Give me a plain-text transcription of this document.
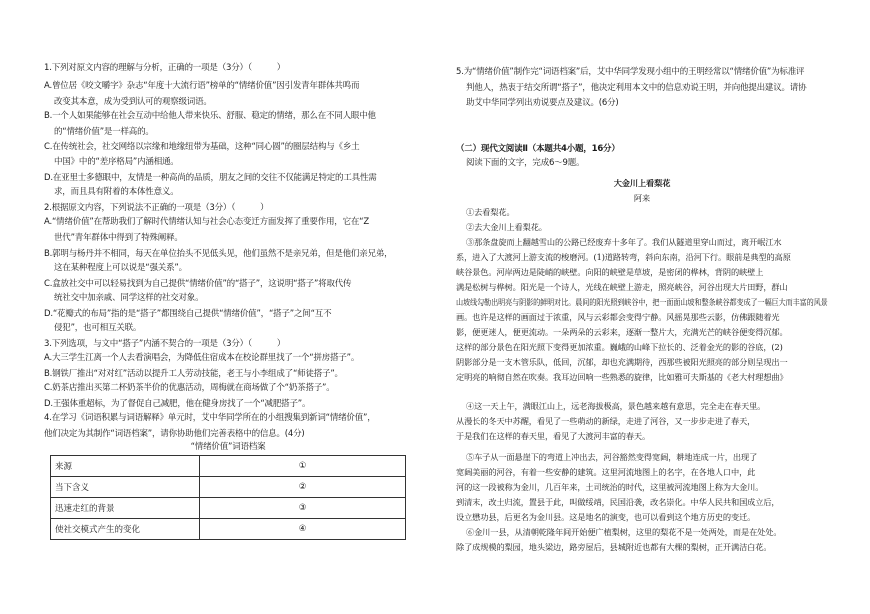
1.下列对原文内容的理解与分析，正确的一项是（3分）（　　　）
A.曾位居《咬文嚼字》杂志“年度十大流行语”榜单的“情绪价值”因引发青年群体共鸣而
改变其本意，成为受到认可的观察级词语。
B.一个人如果能够在社会互动中给他人带来快乐、舒服、稳定的情绪，那么在不同人眼中他
的“情绪价值”是一样高的。
C.在传统社会，社交网络以宗缘和地缘纽带为基础，这种“同心圆”的圈层结构与《乡土
中国》中的“差序格局”内涵相通。
D.在亚里士多德眼中，友情是一种高尚的品质，朋友之间的交往不仅能满足特定的工具性需
求，而且具有附着的本体性意义。
2.根据原文内容，下列说法不正确的一项是（3分）（　　　）
A.“情绪价值”在帮助我们了解时代情绪认知与社会心态变迁方面发挥了重要作用，它在“Z
世代”青年群体中得到了特殊阐释。
B.郭明与杨丹并不相同，每天在单位抬头不见低头见，他们虽然不是亲兄弟，但是他们亲兄弟，
这在某种程度上可以说是“强关系”。
C.盒放社交中可以轻易找到为自己提供“情绪价值”的“搭子”，这说明“搭子”将取代传
统社交中加亲戚、同学这样的社交对象。
D.“花瓣式的布局”指的是“搭子”都围绕自己提供“情绪价值”，“搭子”之间“互不
侵犯”，也可相互关联。
3.下列选项，与文中“搭子”内涵不契合的一项是（3分）（　　　）
A.大三学生江离一个人去看演唱会，为降低住宿成本在校论群里找了一个“拼房搭子”。
B.钢铁厂推出“对对红”活动以提升工人劳动技能，老王与小李组成了“师徒搭子”。
C.奶茶店推出买第二杯奶茶半价的优惠活动，周梅就在商场做了个“奶茶搭子”。
D.王强体重超标，为了督促自己减肥，他在健身房找了一个“减肥搭子”。
4.在学习《词语积累与词语解释》单元时，艾中华同学所在的小组搜集到新词“情绪价值”，
他们决定为其制作“词语档案”，请你协助他们完善表格中的信息。(4分)
“情绪价值”词语档案
来源	①
当下含义	②
迅速走红的背景	③
使社交模式产生的变化	④
5.为“情绪价值”制作完“词语档案”后，艾中华同学发现小组中的王明经常以“情绪价值”为标准评
判他人，热衷于结交所谓“搭子”，他决定利用本文中的信息劝说王明，并向他提出建议。请协
助艾中华同学列出劝说要点及建议。(6分)
（二）现代文阅读Ⅱ（本题共4小题，16分）
阅读下面的文字，完成6～9题。
大金川上看梨花
阿来
①去看梨花。
②去大金川上看梨花。
③那条盘旋而上翻越雪山的公路已经废弃十多年了。我们从隧道里穿山而过，离开岷江水
系，进入了大渡河上游支流的梭磨河。(1)道路转弯，斜向东南，沿河下行。眼前是典型的高原
峡谷景色。河岸两边是陡峭的峡壁。向阳的峡壁是草坡，是密闭的桦林，背阴的峡壁上
满是松树与桦树。阳光是一个诗人，光线在峡壁上游走，照亮峡谷，河谷出现大片田野，群山
山坡线勾勒出明亮与阴影的鲜明对比。晨间的阳光照到峡谷中，把一面面山坡和整条峡谷都变成了一幅巨大而丰富的风景
画。也许是这样的画面过于浓重，风与云彩都会变得宁静。风摇晃那些云影，仿佛跟随着光
影，便更迷人，便更流动。一朵两朵的云彩来，逐渐一整片大，充满光芒的峡谷便变得沉郁。
这样的部分景色在阳光照下变得更加浓重。巍峨的山峰下拉长的、泛着金光的影的谷底，(2)
阴影部分是一支木管乐队，低回，沉郁，却也充满期待，西那些被阳光照亮的部分则呈现出一
定明亮的响彻自然在吹奏。我耳边回响一些熟悉的旋律，比如雅可夫斯基的《老大村理想曲》
④这一天上午，满眼江山上，远老海拔极高，景色越来越有意思，完全走在春天里。
从漫长的冬天中苏醒，看见了一些萌动的新绿，走进了河谷，又一步步走进了春天，
于是我们在这样的春天里，看见了大渡河丰富的春天。
⑤车子从一面悬崖下的弯道上冲出去，河谷豁然变得宽阔，耕地连成一片，出现了
宽阔美丽的河谷，有着一些安静的建筑。这里河流地图上的名字，在各地人口中，此
河的这一段被称为金川，几百年来，土司统治的时代，这里被河流地图上称为大金川。
到清末，改土归流，置县于此，叫做绥靖，民国沿袭，改名崇化。中华人民共和国成立后，
设立懋功县，后更名为金川县。这是地名的演变，也可以看到这个地方历史的变迁。
⑥金川一县，从清朝乾隆年间开始便广植梨树，这里的梨花不是一处两处，而是在处处。
除了成规模的梨园，地头梁边，路旁屋后，县城附近也都有大棵的梨树，正开满洁白花。
